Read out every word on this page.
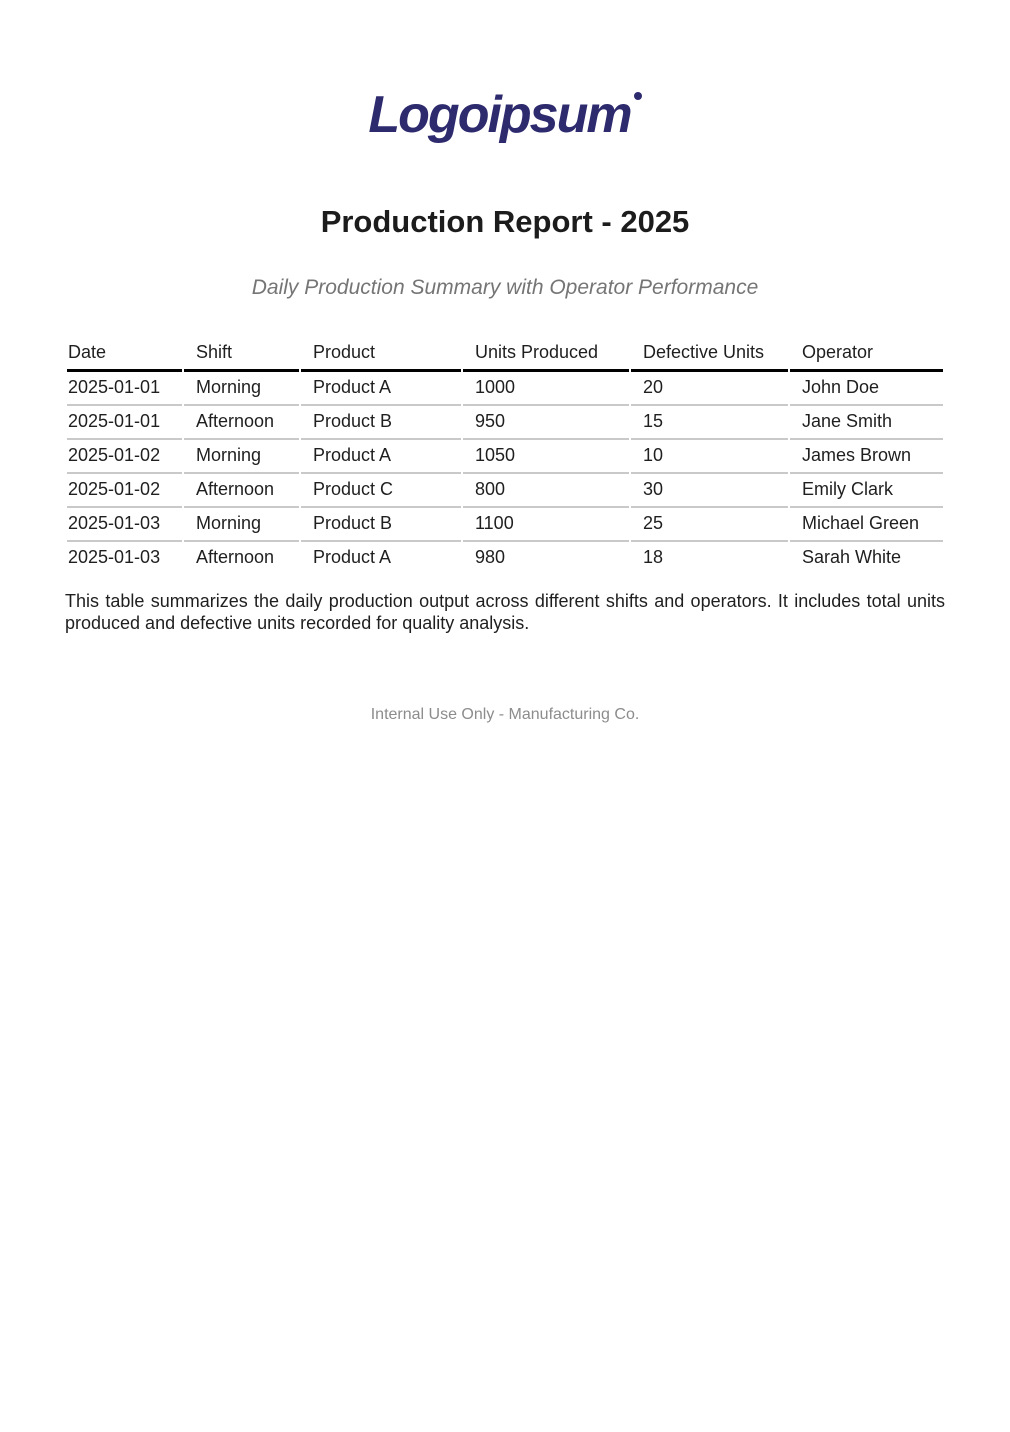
Logoipsum
Production Report - 2025
Daily Production Summary with Operator Performance
Date	Shift	Product	Units Produced	Defective Units	Operator
2025-01-01	Morning	Product A	1000	20	John Doe
2025-01-01	Afternoon	Product B	950	15	Jane Smith
2025-01-02	Morning	Product A	1050	10	James Brown
2025-01-02	Afternoon	Product C	800	30	Emily Clark
2025-01-03	Morning	Product B	1100	25	Michael Green
2025-01-03	Afternoon	Product A	980	18	Sarah White
This table summarizes the daily production output across different shifts and operators. It includes total units produced and defective units recorded for quality analysis.
Internal Use Only - Manufacturing Co.
